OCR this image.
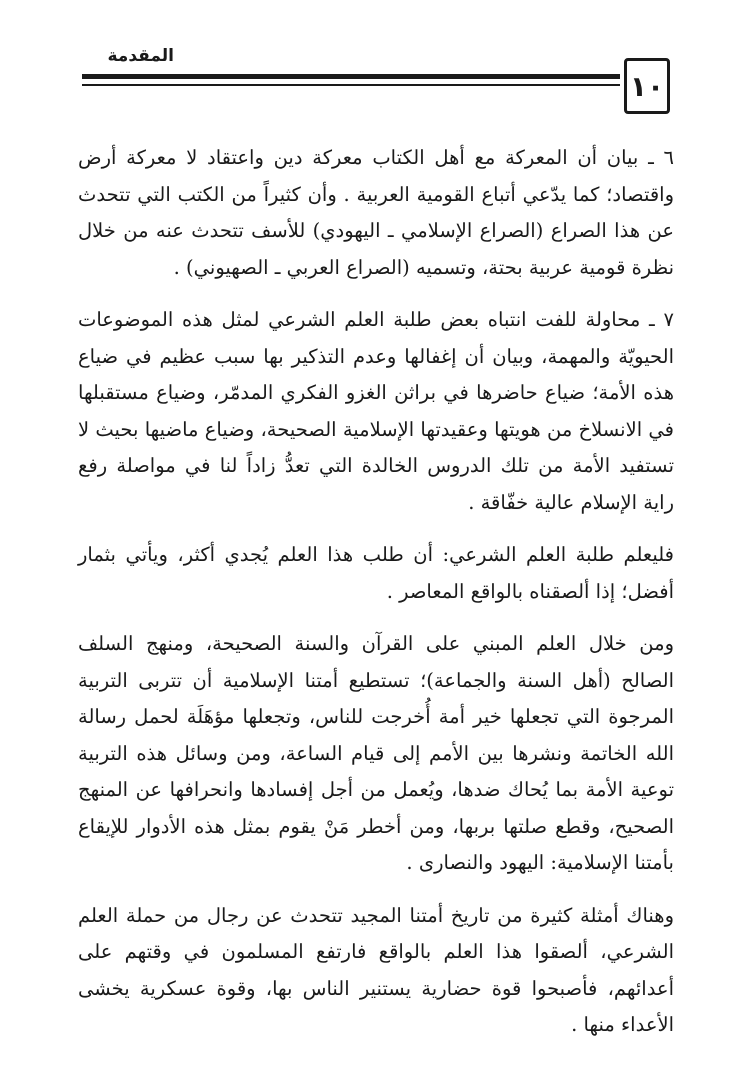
المقدمة
١٠

٦ ـ بيان أن المعركة مع أهل الكتاب معركة دين واعتقاد لا معركة أرض واقتصاد؛ كما يدّعي أتباع القومية العربية . وأن كثيراً من الكتب التي تتحدث عن هذا الصراع (الصراع الإسلامي ـ اليهودي) للأسف تتحدث عنه من خلال نظرة قومية عربية بحتة، وتسميه (الصراع العربي ـ الصهيوني) .

٧ ـ محاولة للفت انتباه بعض طلبة العلم الشرعي لمثل هذه الموضوعات الحيويّة والمهمة، وبيان أن إغفالها وعدم التذكير بها سبب عظيم في ضياع هذه الأمة؛ ضياع حاضرها في براثن الغزو الفكري المدمّر، وضياع مستقبلها في الانسلاخ من هويتها وعقيدتها الإسلامية الصحيحة، وضياع ماضيها بحيث لا تستفيد الأمة من تلك الدروس الخالدة التي تعدُّ زاداً لنا في مواصلة رفع راية الإسلام عالية خفّاقة .

فليعلم طلبة العلم الشرعي: أن طلب هذا العلم يُجدي أكثر، ويأتي بثمار أفضل؛ إذا ألصقناه بالواقع المعاصر .

ومن خلال العلم المبني على القرآن والسنة الصحيحة، ومنهج السلف الصالح (أهل السنة والجماعة)؛ تستطيع أمتنا الإسلامية أن تتربى التربية المرجوة التي تجعلها خير أمة أُخرجت للناس، وتجعلها مؤهَلَة لحمل رسالة الله الخاتمة ونشرها بين الأمم إلى قيام الساعة، ومن وسائل هذه التربية توعية الأمة بما يُحاك ضدها، ويُعمل من أجل إفسادها وانحرافها عن المنهج الصحيح، وقطع صلتها بربها، ومن أخطر مَنْ يقوم بمثل هذه الأدوار للإيقاع بأمتنا الإسلامية: اليهود والنصارى .

وهناك أمثلة كثيرة من تاريخ أمتنا المجيد تتحدث عن رجال من حملة العلم الشرعي، ألصقوا هذا العلم بالواقع فارتفع المسلمون في وقتهم على أعدائهم، فأصبحوا قوة حضارية يستنير الناس بها، وقوة عسكرية يخشى الأعداء منها .
